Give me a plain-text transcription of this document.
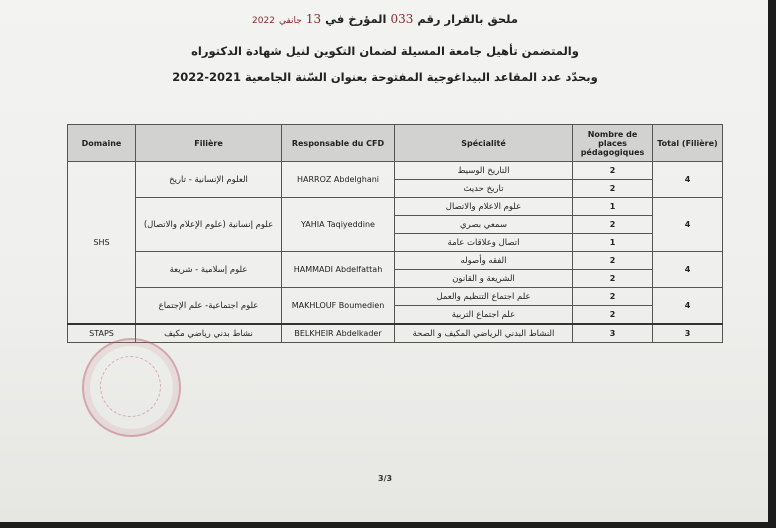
ملحق بالقرار رقم 033 المؤرخ في 13 جانفي 2022
والمتضمن تأهيل جامعة المسيلة لضمان التكوين لنيل شهادة الدكتوراه
وبحدّد عدد المقاعد البيداغوجية المفتوحة بعنوان السّنة الجامعية 2021-2022
Domaine	Filière	Responsable du CFD	Spécialité	Nombre de places pédagogiques	Total (Filière)
SHS	العلوم الإنسانية - تاريخ	HARROZ Abdelghani	التاريخ الوسيط	2	4
			تاريخ حديث	2	
	علوم إنسانية (علوم الإعلام والاتصال)	YAHIA Taqiyeddine	علوم الاعلام والاتصال	1	4
			سمعي بصري	2	
			اتصال وعلاقات عامة	1	
	علوم إسلامية - شريعة	HAMMADI Abdelfattah	الفقه وأصوله	2	4
			الشريعة و القانون	2	
	علوم اجتماعية- علم الإجتماع	MAKHLOUF Boumedien	علم اجتماع التنظيم والعمل	2	4
			علم اجتماع التربية	2	
STAPS	نشاط بدني رياضي مكيف	BELKHEIR Abdelkader	النشاط البدني الرياضي المكيف و الصحة	3	3
3/3
